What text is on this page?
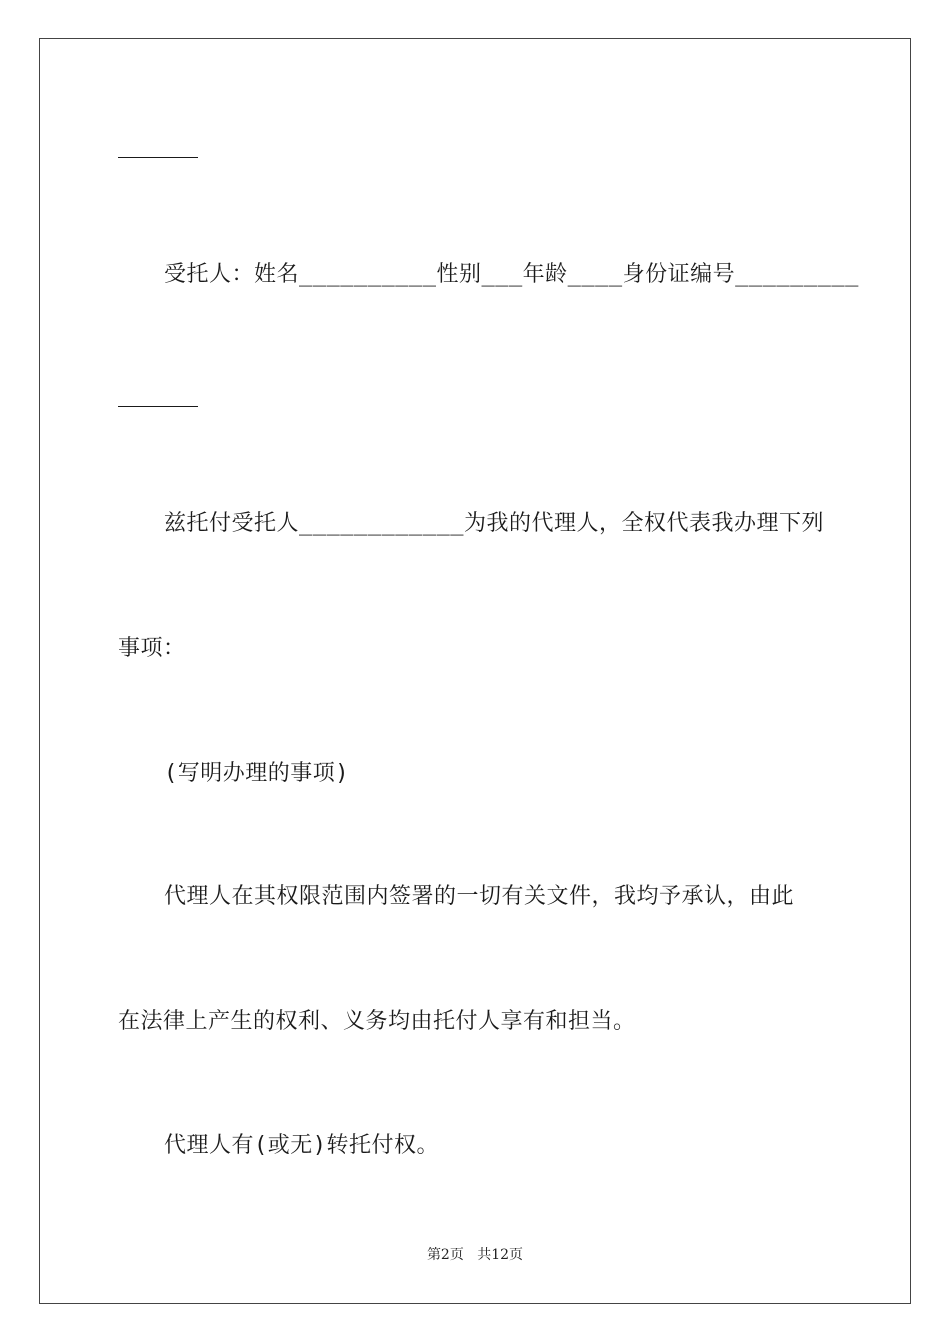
受托人：姓名__________性别___年龄____身份证编号_________
兹托付受托人____________为我的代理人，全权代表我办理下列
事项：
(写明办理的事项)
代理人在其权限范围内签署的一切有关文件，我均予承认，由此
在法律上产生的权利、义务均由托付人享有和担当。
代理人有(或无)转托付权。
第2页 共12页
